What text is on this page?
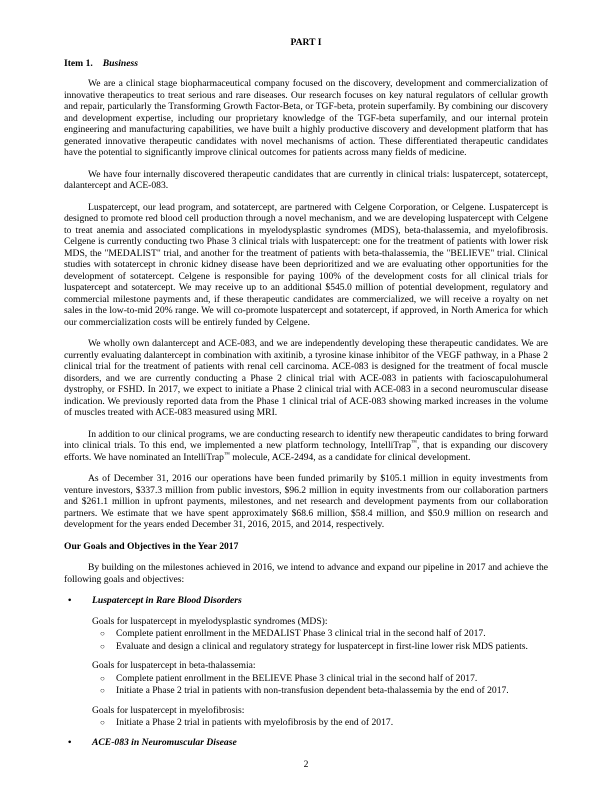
PART I
Item 1. Business

We are a clinical stage biopharmaceutical company focused on the discovery, development and commercialization of innovative therapeutics to treat serious and rare diseases. Our research focuses on key natural regulators of cellular growth and repair, particularly the Transforming Growth Factor-Beta, or TGF-beta, protein superfamily. By combining our discovery and development expertise, including our proprietary knowledge of the TGF-beta superfamily, and our internal protein engineering and manufacturing capabilities, we have built a highly productive discovery and development platform that has generated innovative therapeutic candidates with novel mechanisms of action. These differentiated therapeutic candidates have the potential to significantly improve clinical outcomes for patients across many fields of medicine.

We have four internally discovered therapeutic candidates that are currently in clinical trials: luspatercept, sotatercept, dalantercept and ACE-083.

Luspatercept, our lead program, and sotatercept, are partnered with Celgene Corporation, or Celgene. Luspatercept is designed to promote red blood cell production through a novel mechanism, and we are developing luspatercept with Celgene to treat anemia and associated complications in myelodysplastic syndromes (MDS), beta-thalassemia, and myelofibrosis. Celgene is currently conducting two Phase 3 clinical trials with luspatercept: one for the treatment of patients with lower risk MDS, the "MEDALIST" trial, and another for the treatment of patients with beta-thalassemia, the "BELIEVE" trial. Clinical studies with sotatercept in chronic kidney disease have been deprioritized and we are evaluating other opportunities for the development of sotatercept. Celgene is responsible for paying 100% of the development costs for all clinical trials for luspatercept and sotatercept. We may receive up to an additional $545.0 million of potential development, regulatory and commercial milestone payments and, if these therapeutic candidates are commercialized, we will receive a royalty on net sales in the low-to-mid 20% range. We will co-promote luspatercept and sotatercept, if approved, in North America for which our commercialization costs will be entirely funded by Celgene.

We wholly own dalantercept and ACE-083, and we are independently developing these therapeutic candidates. We are currently evaluating dalantercept in combination with axitinib, a tyrosine kinase inhibitor of the VEGF pathway, in a Phase 2 clinical trial for the treatment of patients with renal cell carcinoma. ACE-083 is designed for the treatment of focal muscle disorders, and we are currently conducting a Phase 2 clinical trial with ACE-083 in patients with facioscapulohumeral dystrophy, or FSHD. In 2017, we expect to initiate a Phase 2 clinical trial with ACE-083 in a second neuromuscular disease indication. We previously reported data from the Phase 1 clinical trial of ACE-083 showing marked increases in the volume of muscles treated with ACE-083 measured using MRI.

In addition to our clinical programs, we are conducting research to identify new therapeutic candidates to bring forward into clinical trials. To this end, we implemented a new platform technology, IntelliTrap™, that is expanding our discovery efforts. We have nominated an IntelliTrap™ molecule, ACE-2494, as a candidate for clinical development.

As of December 31, 2016 our operations have been funded primarily by $105.1 million in equity investments from venture investors, $337.3 million from public investors, $96.2 million in equity investments from our collaboration partners and $261.1 million in upfront payments, milestones, and net research and development payments from our collaboration partners. We estimate that we have spent approximately $68.6 million, $58.4 million, and $50.9 million on research and development for the years ended December 31, 2016, 2015, and 2014, respectively.

Our Goals and Objectives in the Year 2017

By building on the milestones achieved in 2016, we intend to advance and expand our pipeline in 2017 and achieve the following goals and objectives:

• Luspatercept in Rare Blood Disorders
Goals for luspatercept in myelodysplastic syndromes (MDS):
○ Complete patient enrollment in the MEDALIST Phase 3 clinical trial in the second half of 2017.
○ Evaluate and design a clinical and regulatory strategy for luspatercept in first-line lower risk MDS patients.
Goals for luspatercept in beta-thalassemia:
○ Complete patient enrollment in the BELIEVE Phase 3 clinical trial in the second half of 2017.
○ Initiate a Phase 2 trial in patients with non-transfusion dependent beta-thalassemia by the end of 2017.
Goals for luspatercept in myelofibrosis:
○ Initiate a Phase 2 trial in patients with myelofibrosis by the end of 2017.
• ACE-083 in Neuromuscular Disease
2
